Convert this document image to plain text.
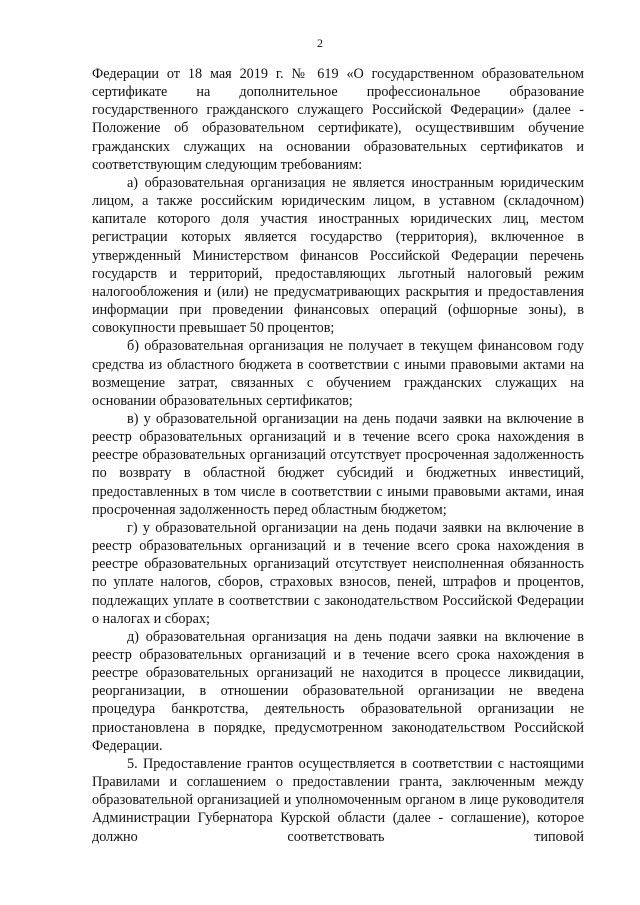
2

Федерации от 18 мая 2019 г. № 619 «О государственном образовательном сертификате на дополнительное профессиональное образование государственного гражданского служащего Российской Федерации» (далее - Положение об образовательном сертификате), осуществившим обучение гражданских служащих на основании образовательных сертификатов и соответствующим следующим требованиям:

а) образовательная организация не является иностранным юридическим лицом, а также российским юридическим лицом, в уставном (складочном) капитале которого доля участия иностранных юридических лиц, местом регистрации которых является государство (территория), включенное в утвержденный Министерством финансов Российской Федерации перечень государств и территорий, предоставляющих льготный налоговый режим налогообложения и (или) не предусматривающих раскрытия и предоставления информации при проведении финансовых операций (офшорные зоны), в совокупности превышает 50 процентов;

б) образовательная организация не получает в текущем финансовом году средства из областного бюджета в соответствии с иными правовыми актами на возмещение затрат, связанных с обучением гражданских служащих на основании образовательных сертификатов;

в) у образовательной организации на день подачи заявки на включение в реестр образовательных организаций и в течение всего срока нахождения в реестре образовательных организаций отсутствует просроченная задолженность по возврату в областной бюджет субсидий и бюджетных инвестиций, предоставленных в том числе в соответствии с иными правовыми актами, иная просроченная задолженность перед областным бюджетом;

г) у образовательной организации на день подачи заявки на включение в реестр образовательных организаций и в течение всего срока нахождения в реестре образовательных организаций отсутствует неисполненная обязанность по уплате налогов, сборов, страховых взносов, пеней, штрафов и процентов, подлежащих уплате в соответствии с законодательством Российской Федерации о налогах и сборах;

д) образовательная организация на день подачи заявки на включение в реестр образовательных организаций и в течение всего срока нахождения в реестре образовательных организаций не находится в процессе ликвидации, реорганизации, в отношении образовательной организации не введена процедура банкротства, деятельность образовательной организации не приостановлена в порядке, предусмотренном законодательством Российской Федерации.

5. Предоставление грантов осуществляется в соответствии с настоящими Правилами и соглашением о предоставлении гранта, заключенным между образовательной организацией и уполномоченным органом в лице руководителя Администрации Губернатора Курской области (далее - соглашение), которое должно соответствовать типовой
